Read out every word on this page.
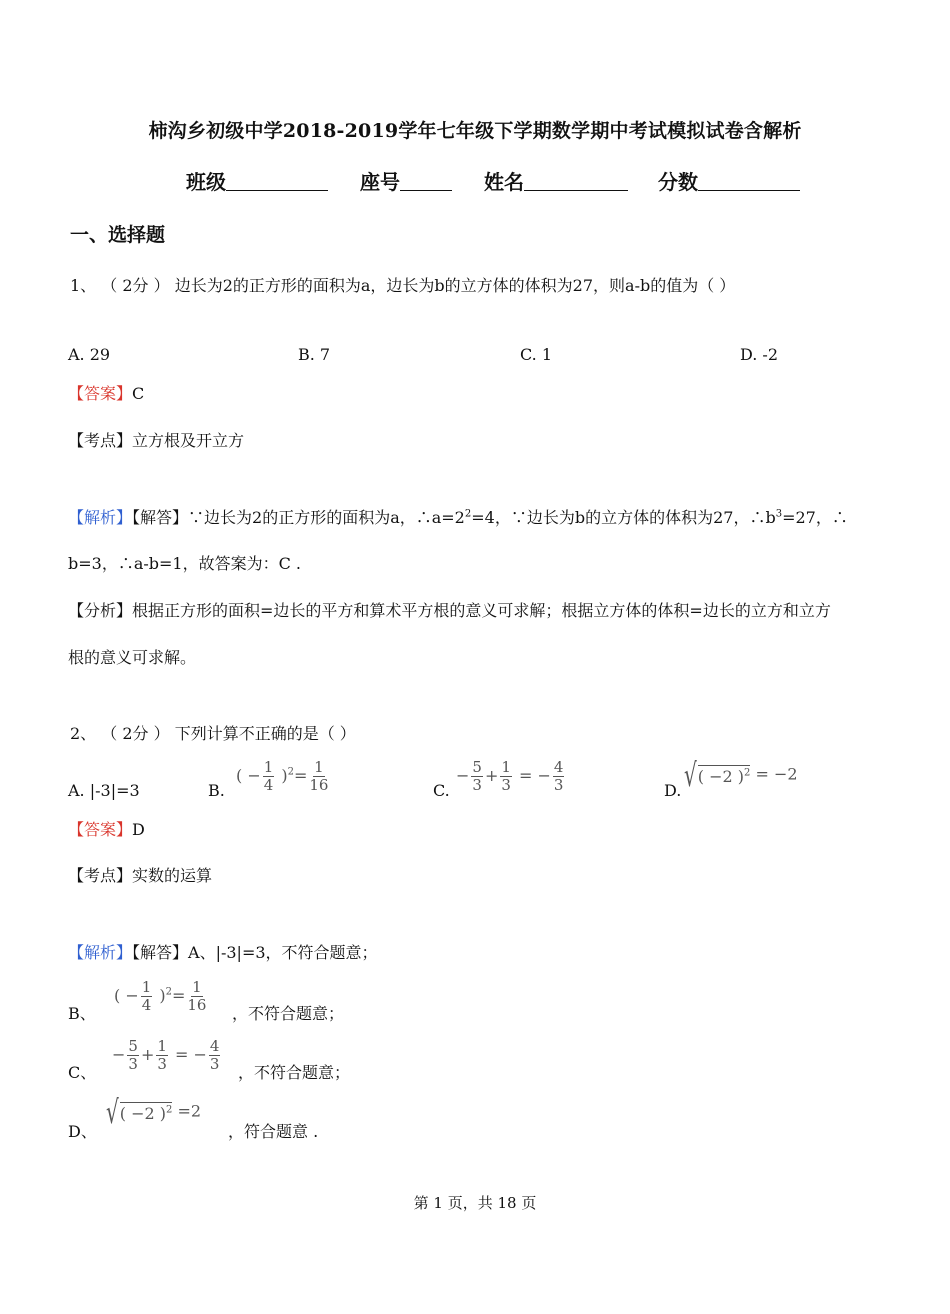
柿沟乡初级中学2018-2019学年七年级下学期数学期中考试模拟试卷含解析
班级	座号	姓名	分数
一、选择题
1、 （ 2分 ） 边长为2的正方形的面积为a，边长为b的立方体的体积为27，则a-b的值为（ ）
A. 29	B. 7	C. 1	D. -2
【答案】C
【考点】立方根及开立方
【解析】【解答】∵边长为2的正方形的面积为a，$\therefore a=2^2=4$，∵边长为b的立方体的体积为27，$\therefore b^3=27$，∴
b=3，∴a-b=1，故答案为：C .
【分析】根据正方形的面积=边长的平方和算术平方根的意义可求解；根据立方体的体积=边长的立方和立方
根的意义可求解。
2、 （ 2分 ） 下列计算不正确的是（ ）
A. |-3|=3	B.
( − $\frac{1}{4} )^2= \frac{1}{16}$	C.
− $\frac{5}{3} + \frac{1}{3}$ = − $\frac{4}{3}$	D. √( −2 )$^2$ = −2
【答案】D
【考点】实数的运算
【解析】【解答】A、|-3|=3，不符合题意；
B、
( − $\frac{1}{4} )^2= \frac{1}{16}$
，不符合题意；
C、
− $\frac{5}{3} + \frac{1}{3}$ = − $\frac{4}{3}$
，不符合题意；
D、
√( −2 )$^2$ =2
，符合题意 .
第 1 页，共 18 页
